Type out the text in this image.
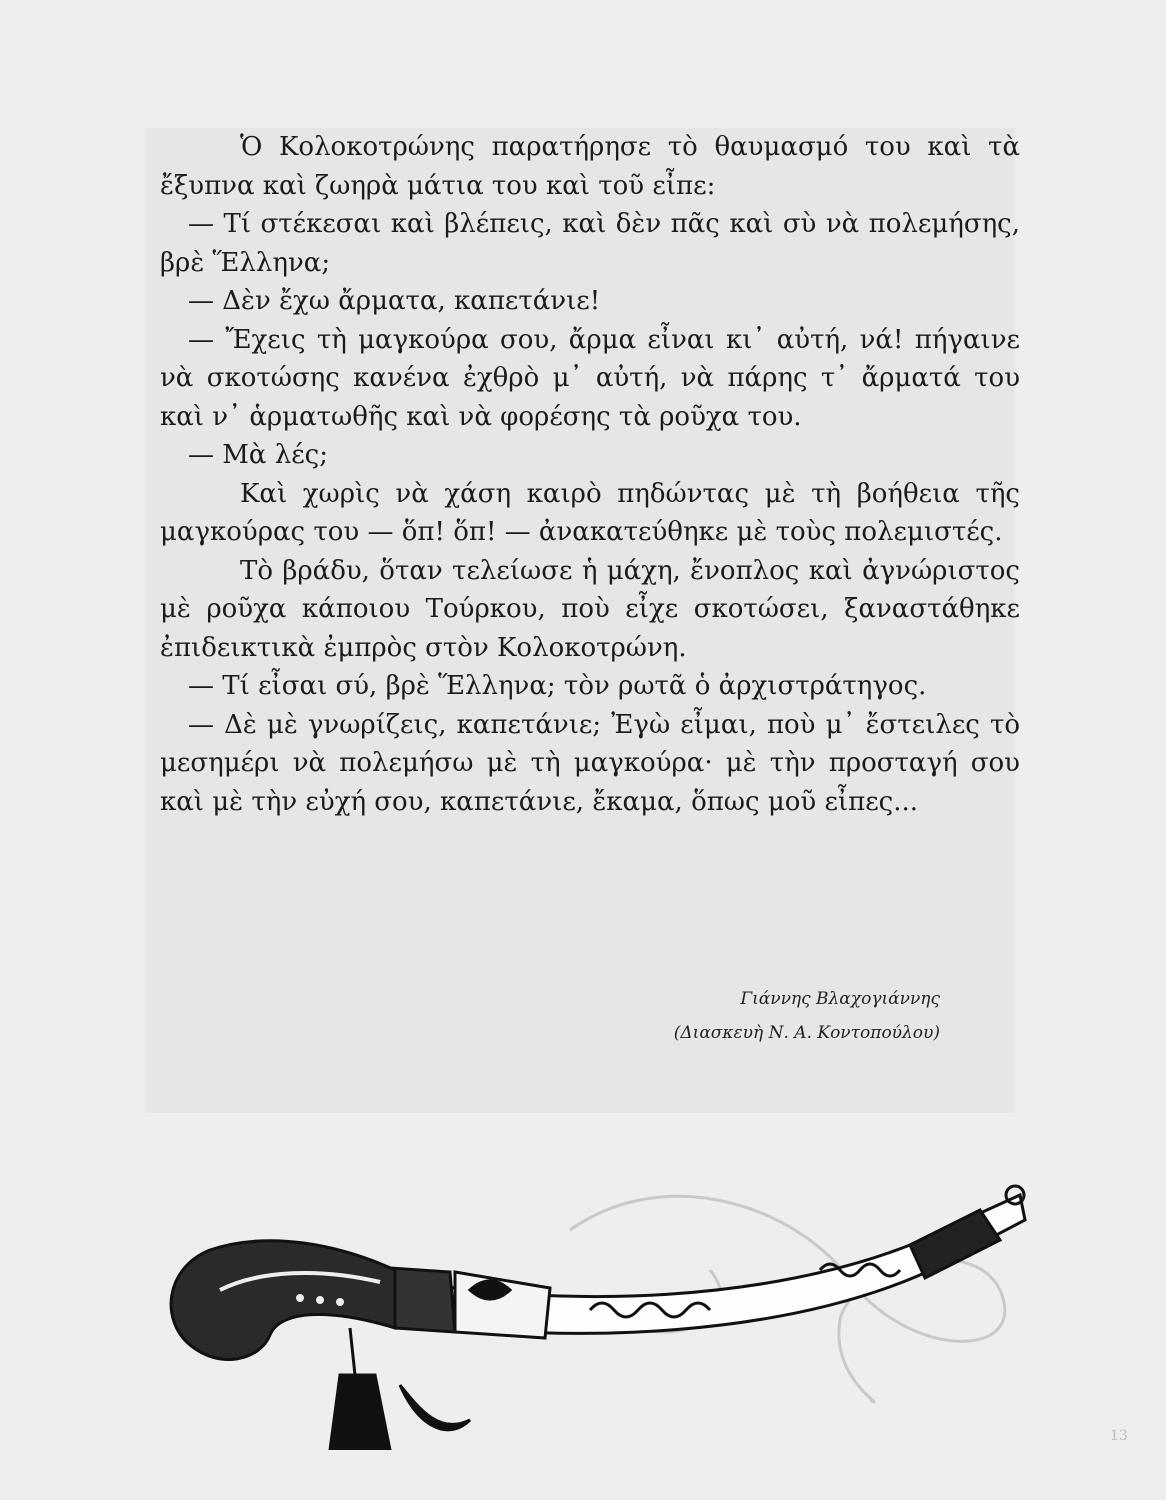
Ὁ Κολοκοτρώνης παρατήρησε τὸ θαυμασμό του καὶ τὰ ἔξυπνα καὶ ζωηρὰ μάτια του καὶ τοῦ εἶπε:

— Τί στέκεσαι καὶ βλέπεις, καὶ δὲν πᾶς καὶ σὺ νὰ πολεμήσης, βρὲ Ἕλληνα;

— Δὲν ἔχω ἄρματα, καπετάνιε!

— Ἔχεις τὴ μαγκούρα σου, ἄρμα εἶναι κι᾿ αὐτή, νά! πήγαινε νὰ σκοτώσης κανένα ἐχθρὸ μ᾿ αὐτή, νὰ πάρης τ᾿ ἄρματά του καὶ ν᾿ ἁρματωθῆς καὶ νὰ φορέσης τὰ ροῦχα του.

— Μὰ λές;

Καὶ χωρὶς νὰ χάση καιρὸ πηδώντας μὲ τὴ βοήθεια τῆς μαγκούρας του — ὅπ! ὅπ! — ἀνακατεύθηκε μὲ τοὺς πολεμιστές.

Τὸ βράδυ, ὅταν τελείωσε ἡ μάχη, ἔνοπλος καὶ ἀγνώριστος μὲ ροῦχα κάποιου Τούρκου, ποὺ εἶχε σκοτώσει, ξαναστάθηκε ἐπιδεικτικὰ ἐμπρὸς στὸν Κολοκοτρώνη.

— Τί εἶσαι σύ, βρὲ Ἕλληνα; τὸν ρωτᾶ ὁ ἀρχιστράτηγος.

— Δὲ μὲ γνωρίζεις, καπετάνιε; Ἐγὼ εἶμαι, ποὺ μ᾿ ἔστειλες τὸ μεσημέρι νὰ πολεμήσω μὲ τὴ μαγκούρα· μὲ τὴν προσταγή σου καὶ μὲ τὴν εὐχή σου, καπετάνιε, ἔκαμα, ὅπως μοῦ εἶπες...

Γιάννης Βλαχογιάννης
(Διασκευὴ Ν. Α. Κοντοπούλου)
13
